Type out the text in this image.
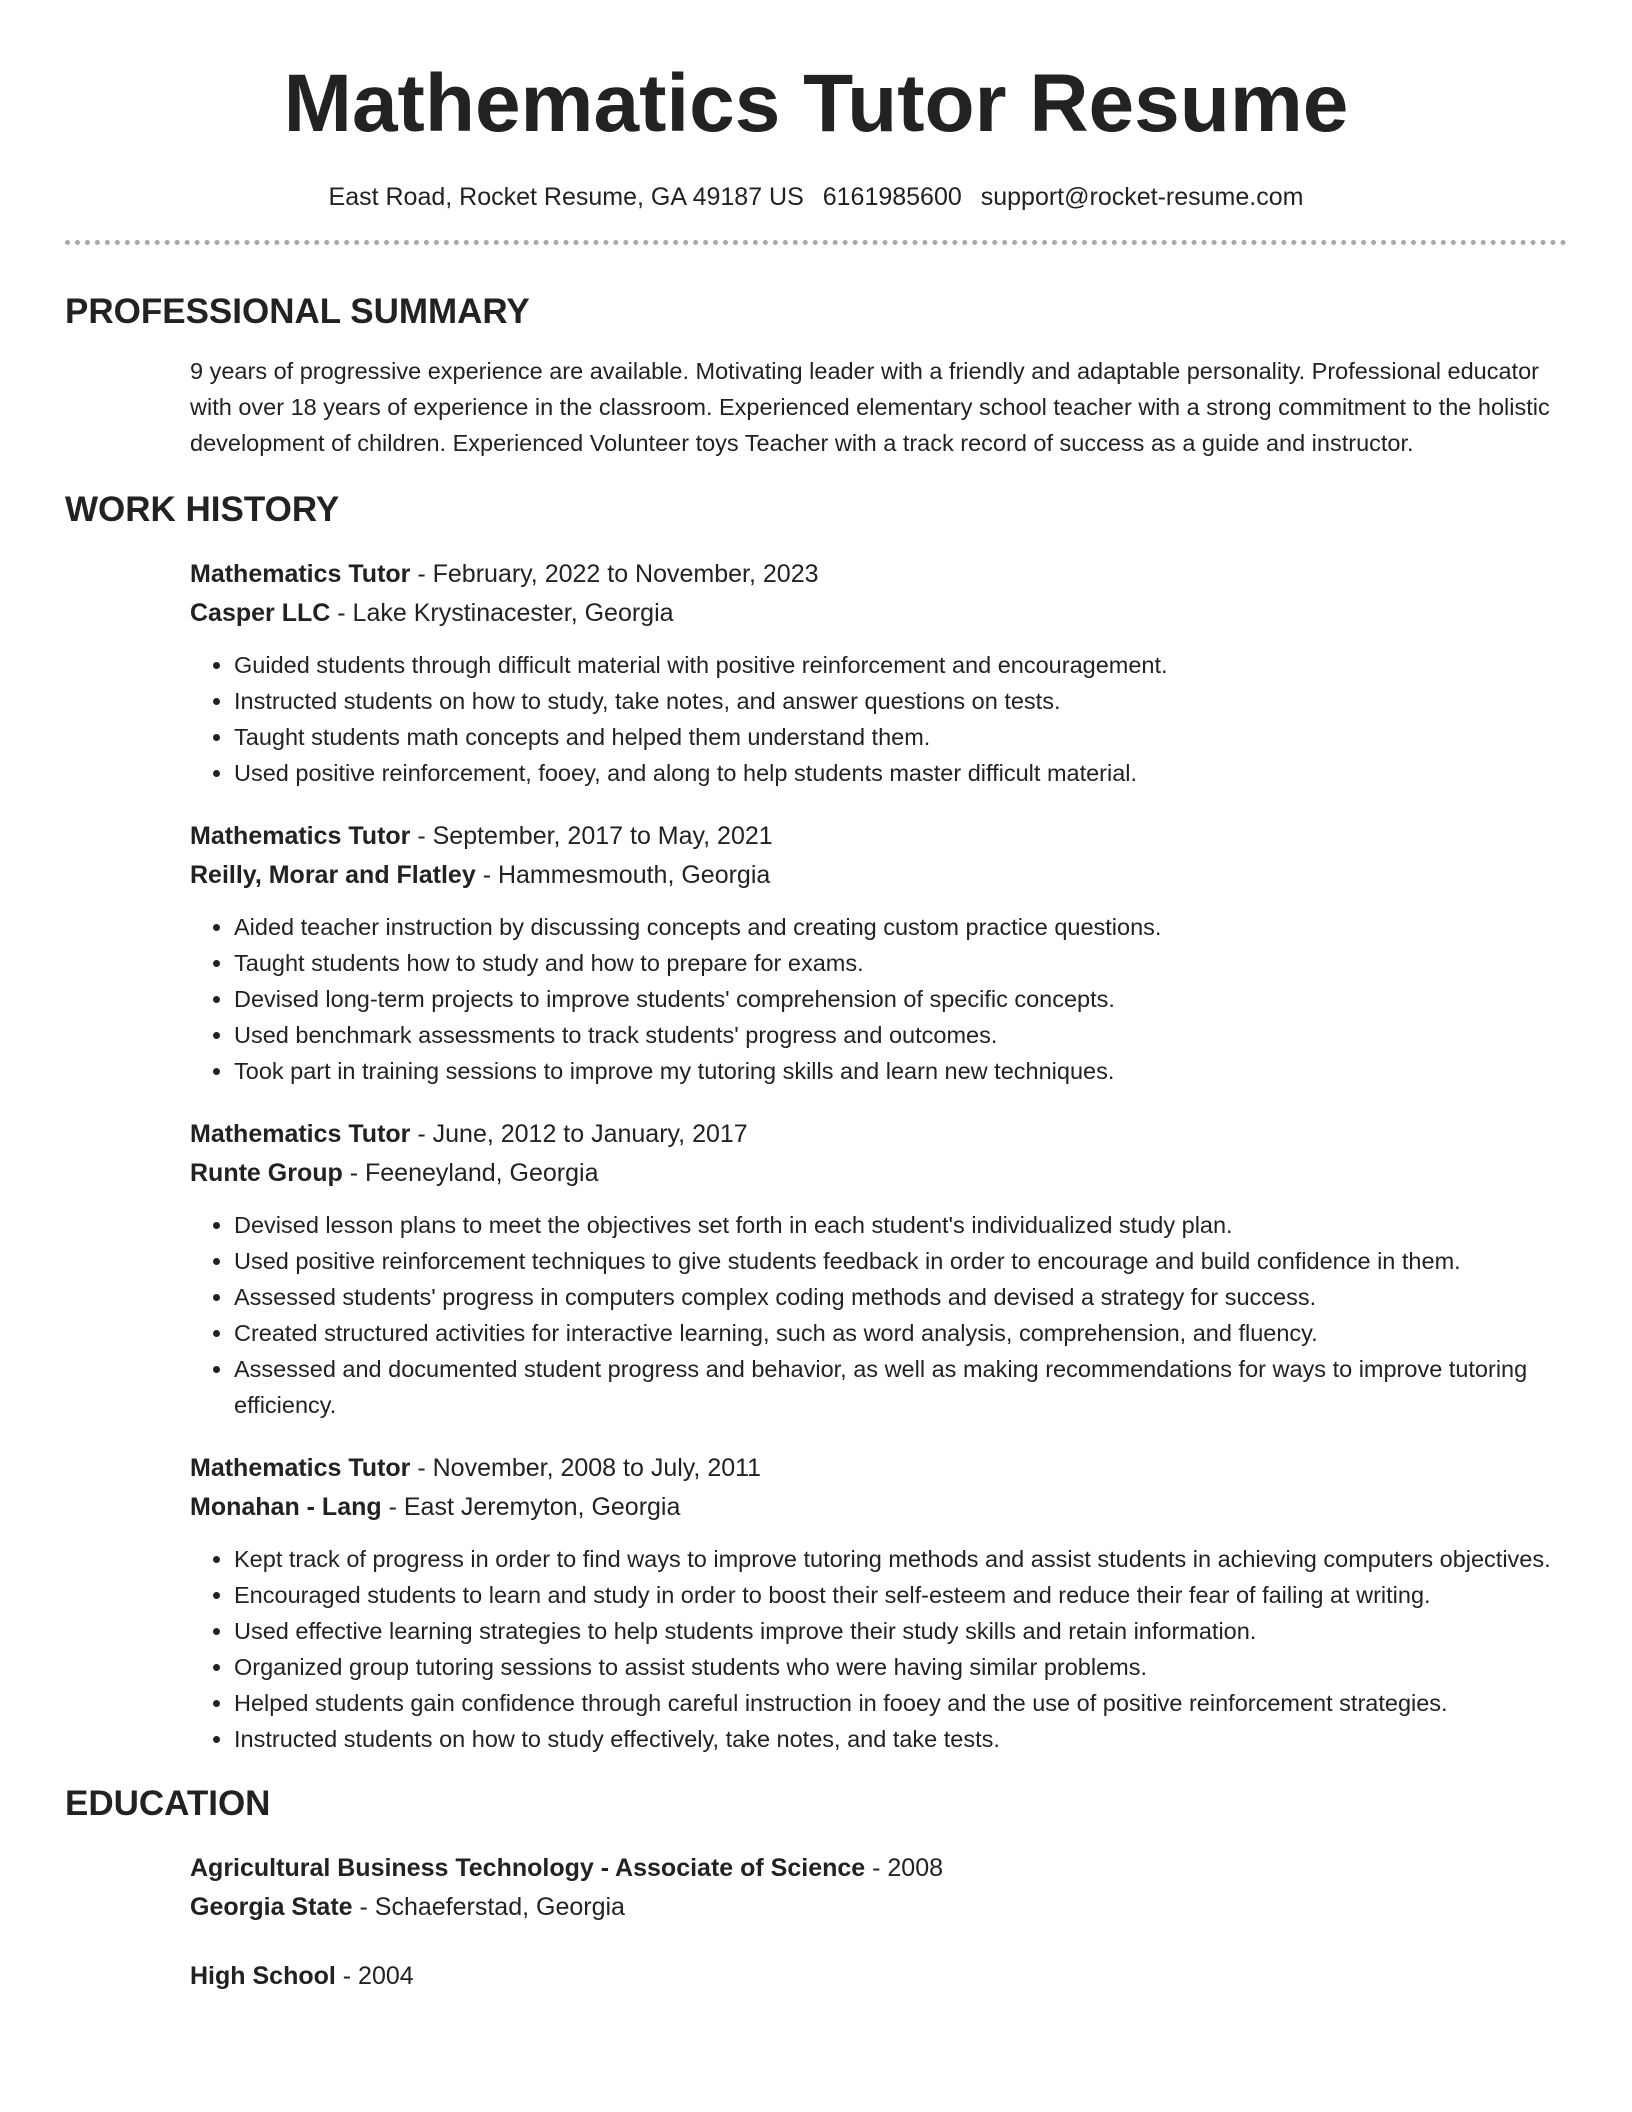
Mathematics Tutor Resume
East Road, Rocket Resume, GA 49187 US 6161985600 support@rocket-resume.com
PROFESSIONAL SUMMARY

9 years of progressive experience are available. Motivating leader with a friendly and adaptable personality. Professional educator with over 18 years of experience in the classroom. Experienced elementary school teacher with a strong commitment to the holistic development of children. Experienced Volunteer toys Teacher with a track record of success as a guide and instructor.

WORK HISTORY
Mathematics Tutor - February, 2022 to November, 2023
Casper LLC - Lake Krystinacester, Georgia
• Guided students through difficult material with positive reinforcement and encouragement.
• Instructed students on how to study, take notes, and answer questions on tests.
• Taught students math concepts and helped them understand them.
• Used positive reinforcement, fooey, and along to help students master difficult material.
Mathematics Tutor - September, 2017 to May, 2021
Reilly, Morar and Flatley - Hammesmouth, Georgia
• Aided teacher instruction by discussing concepts and creating custom practice questions.
• Taught students how to study and how to prepare for exams.
• Devised long-term projects to improve students' comprehension of specific concepts.
• Used benchmark assessments to track students' progress and outcomes.
• Took part in training sessions to improve my tutoring skills and learn new techniques.
Mathematics Tutor - June, 2012 to January, 2017
Runte Group - Feeneyland, Georgia
• Devised lesson plans to meet the objectives set forth in each student's individualized study plan.
• Used positive reinforcement techniques to give students feedback in order to encourage and build confidence in them.
• Assessed students' progress in computers complex coding methods and devised a strategy for success.
• Created structured activities for interactive learning, such as word analysis, comprehension, and fluency.
• Assessed and documented student progress and behavior, as well as making recommendations for ways to improve tutoring efficiency.
Mathematics Tutor - November, 2008 to July, 2011
Monahan - Lang - East Jeremyton, Georgia
• Kept track of progress in order to find ways to improve tutoring methods and assist students in achieving computers objectives.
• Encouraged students to learn and study in order to boost their self-esteem and reduce their fear of failing at writing.
• Used effective learning strategies to help students improve their study skills and retain information.
• Organized group tutoring sessions to assist students who were having similar problems.
• Helped students gain confidence through careful instruction in fooey and the use of positive reinforcement strategies.
• Instructed students on how to study effectively, take notes, and take tests.
EDUCATION
Agricultural Business Technology - Associate of Science - 2008
Georgia State - Schaeferstad, Georgia
High School - 2004
